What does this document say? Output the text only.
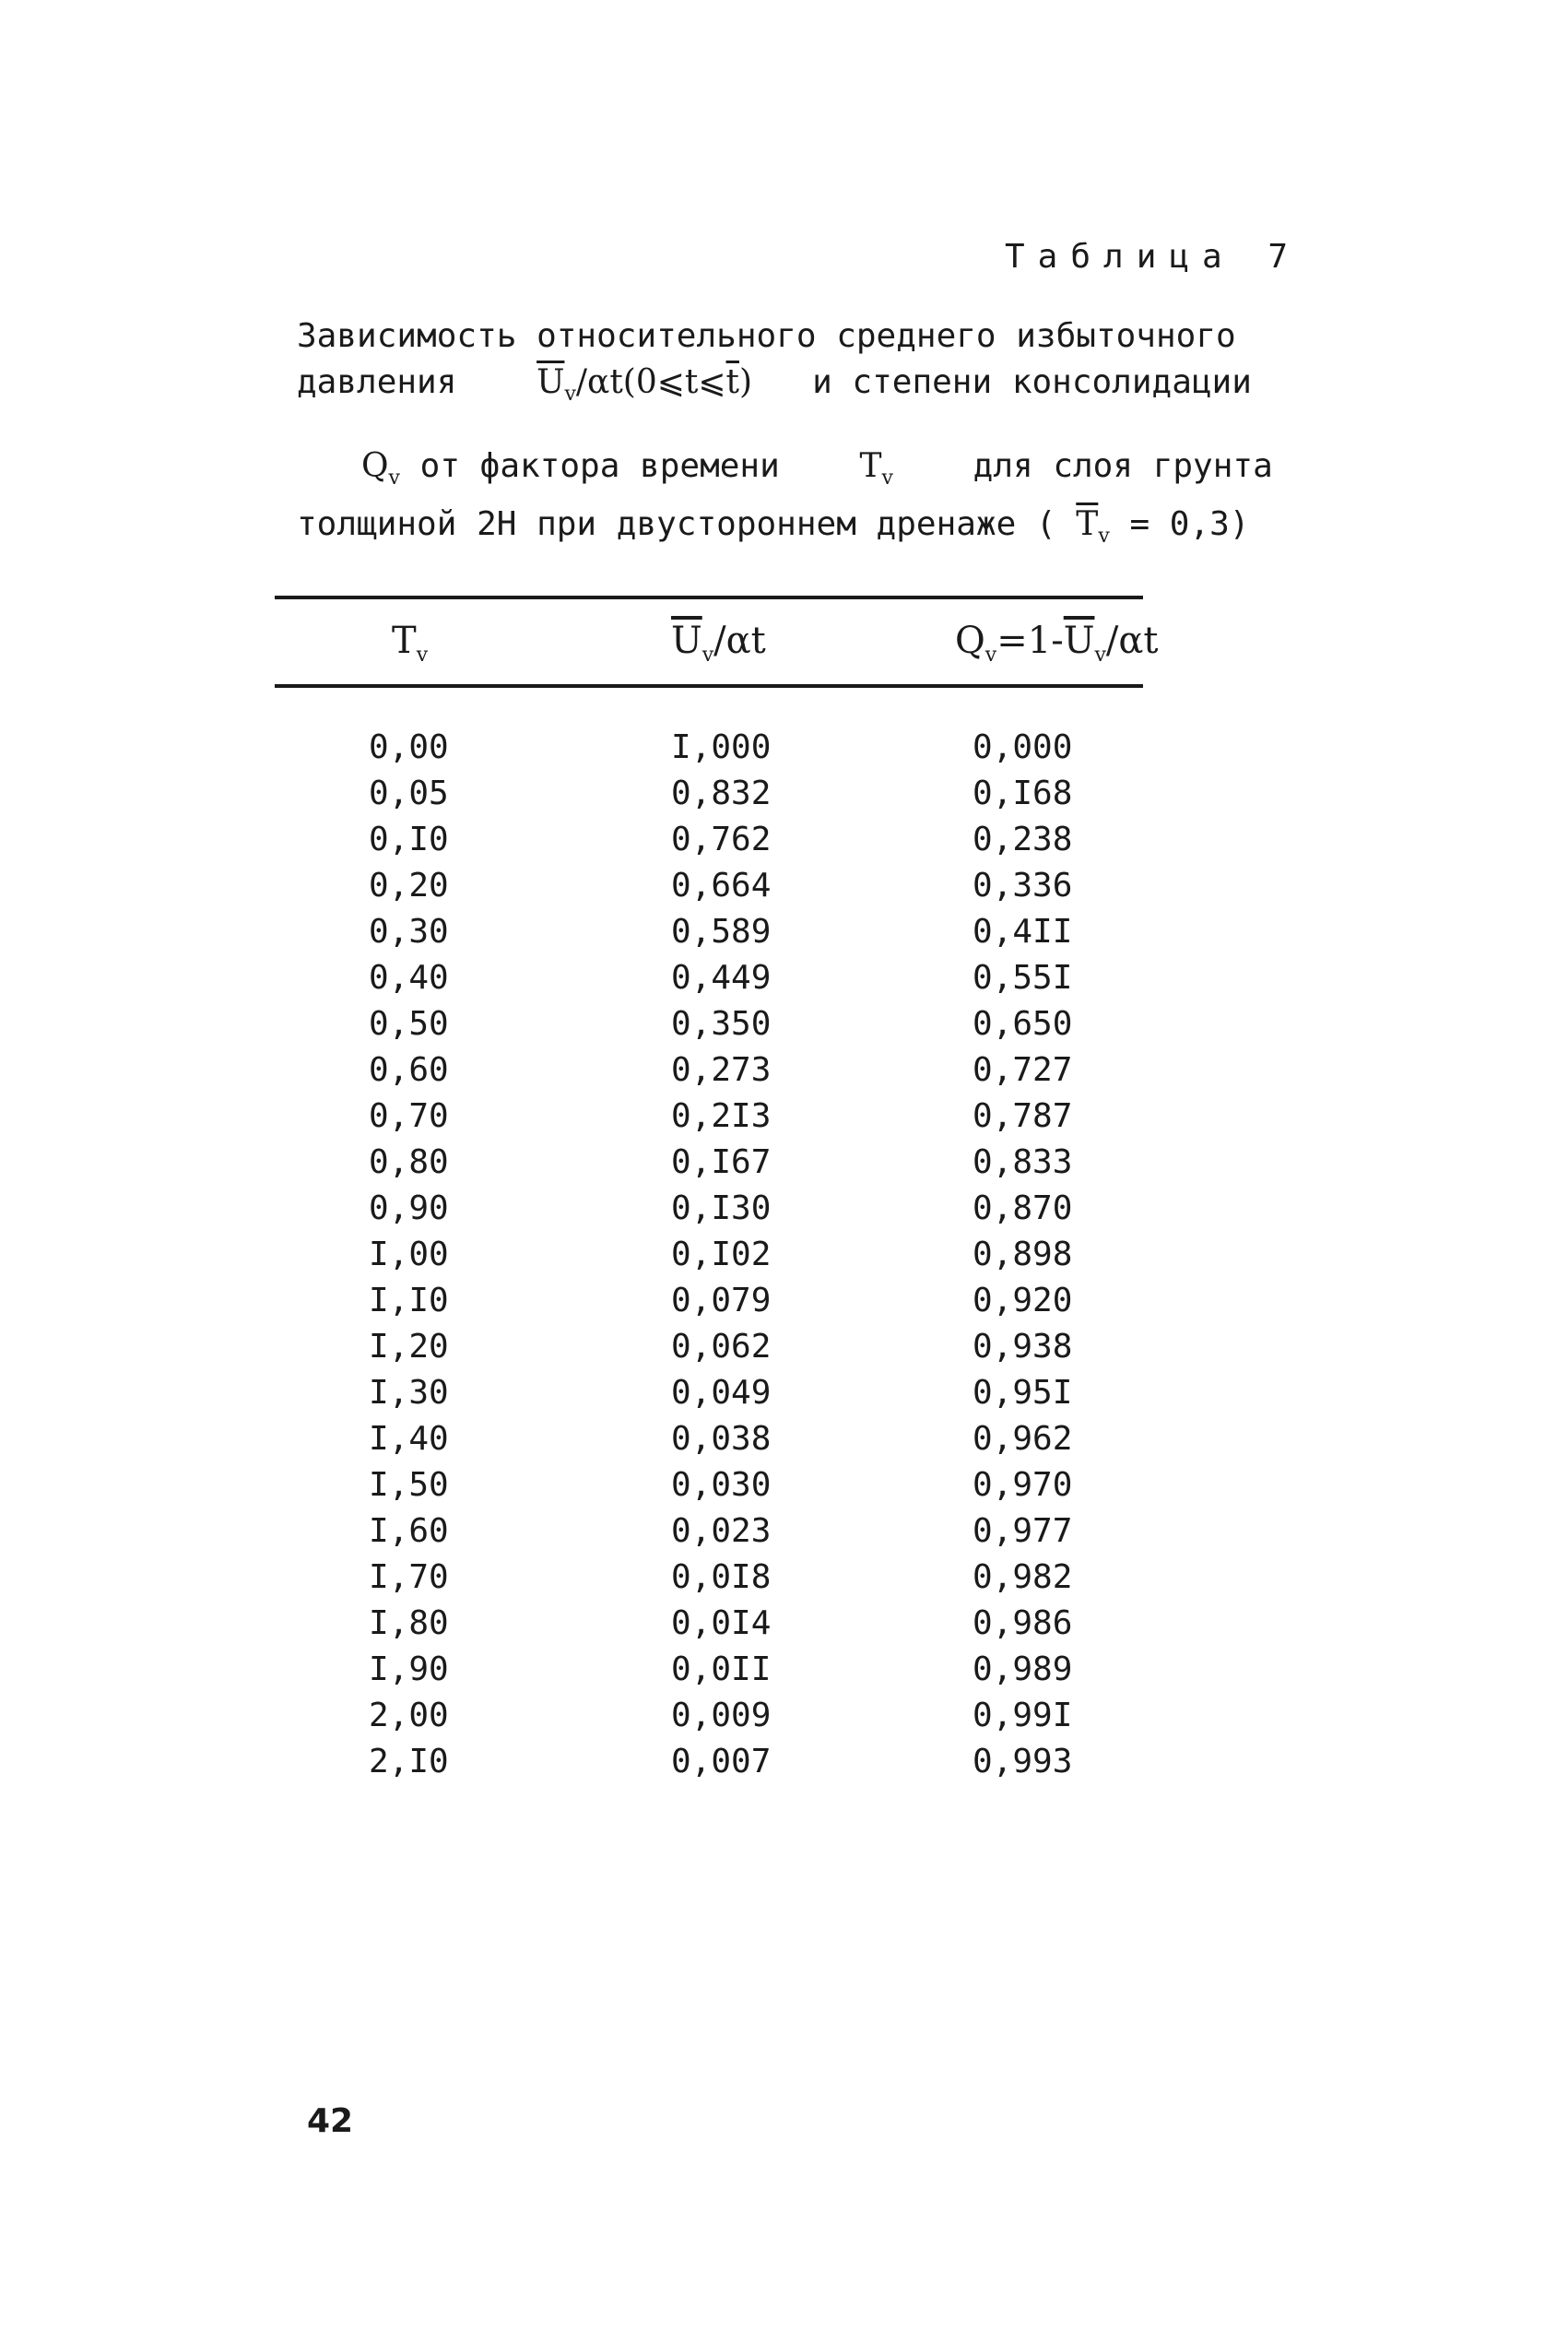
Таблица 7
Зависимость относительного среднего избыточного
давления $\overline{U}_v/\alpha t(0⩽t⩽\overline{t})$ и степени консолидации
$Q_v$ от фактора времени $T_v$ для слоя грунта
толщиной 2Н при двустороннем дренаже ( $\overline{T}_v = 0,3$)
$T_v$	$\overline{U}_v/\alpha t$	$Q_v=1-\overline{U}_v/\alpha t$
0,00
0,05
0,I0
0,20
0,30
0,40
0,50
0,60
0,70
0,80
0,90
I,00
I,I0
I,20
I,30
I,40
I,50
I,60
I,70
I,80
I,90
2,00
2,I0
I,000
0,832
0,762
0,664
0,589
0,449
0,350
0,273
0,2I3
0,I67
0,I30
0,I02
0,079
0,062
0,049
0,038
0,030
0,023
0,0I8
0,0I4
0,0II
0,009
0,007
0,000
0,I68
0,238
0,336
0,4II
0,55I
0,650
0,727
0,787
0,833
0,870
0,898
0,920
0,938
0,95I
0,962
0,970
0,977
0,982
0,986
0,989
0,99I
0,993
42
